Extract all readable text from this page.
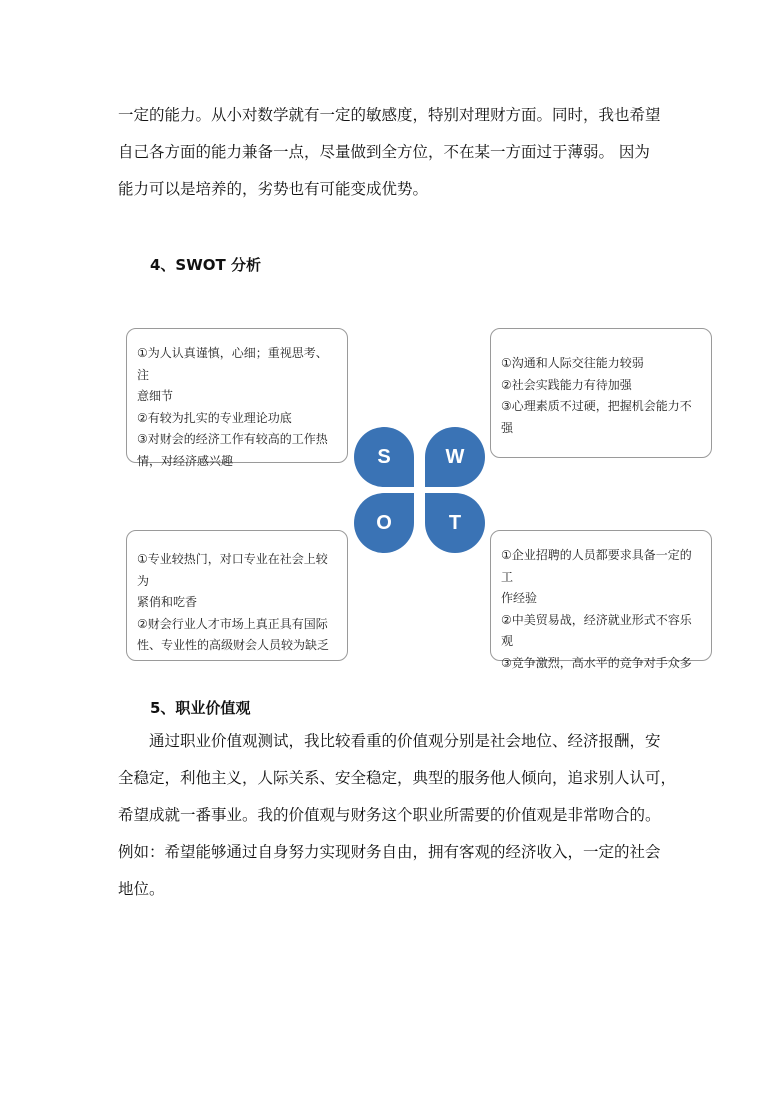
一定的能力。从小对数学就有一定的敏感度，特别对理财方面。同时，我也希望

自己各方面的能力兼备一点，尽量做到全方位，不在某一方面过于薄弱。 因为

能力可以是培养的，劣势也有可能变成优势。

4、SWOT 分析
①为人认真谨慎，心细；重视思考、注
意细节
②有较为扎实的专业理论功底
③对财会的经济工作有较高的工作热
情，对经济感兴趣
①沟通和人际交往能力较弱
②社会实践能力有待加强
③心理素质不过硬，把握机会能力不强
①专业较热门，对口专业在社会上较为
紧俏和吃香
②财会行业人才市场上真正具有国际
性、专业性的高级财会人员较为缺乏
①企业招聘的人员都要求具备一定的工
作经验
②中美贸易战，经济就业形式不容乐观
③竞争激烈，高水平的竞争对手众多
S	W
O	T
5、职业价值观

　　通过职业价值观测试，我比较看重的价值观分别是社会地位、经济报酬，安

全稳定，利他主义，人际关系、安全稳定，典型的服务他人倾向，追求别人认可，

希望成就一番事业。我的价值观与财务这个职业所需要的价值观是非常吻合的。

例如：希望能够通过自身努力实现财务自由，拥有客观的经济收入，一定的社会

地位。
